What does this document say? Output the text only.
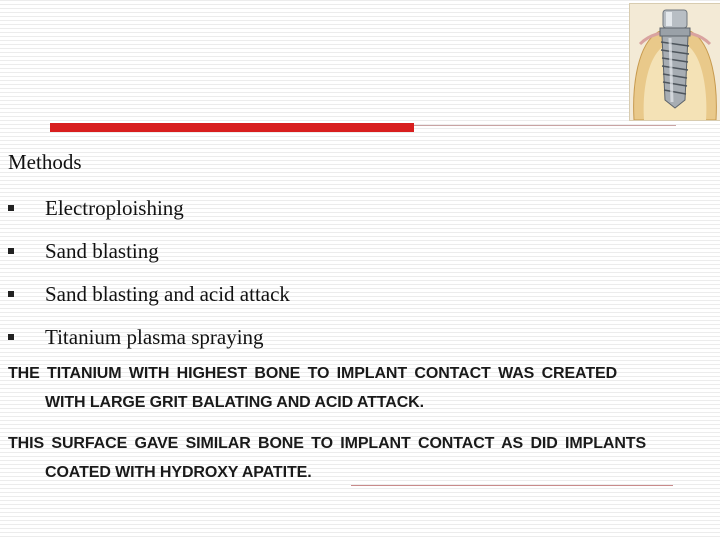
Methods
Electroploishing
Sand blasting
Sand blasting and acid attack
Titanium plasma spraying
THE TITANIUM WITH HIGHEST BONE TO IMPLANT CONTACT WAS CREATED
WITH LARGE GRIT BALATING AND ACID ATTACK.
THIS SURFACE GAVE SIMILAR BONE TO IMPLANT CONTACT AS DID IMPLANTS
COATED WITH HYDROXY APATITE.
